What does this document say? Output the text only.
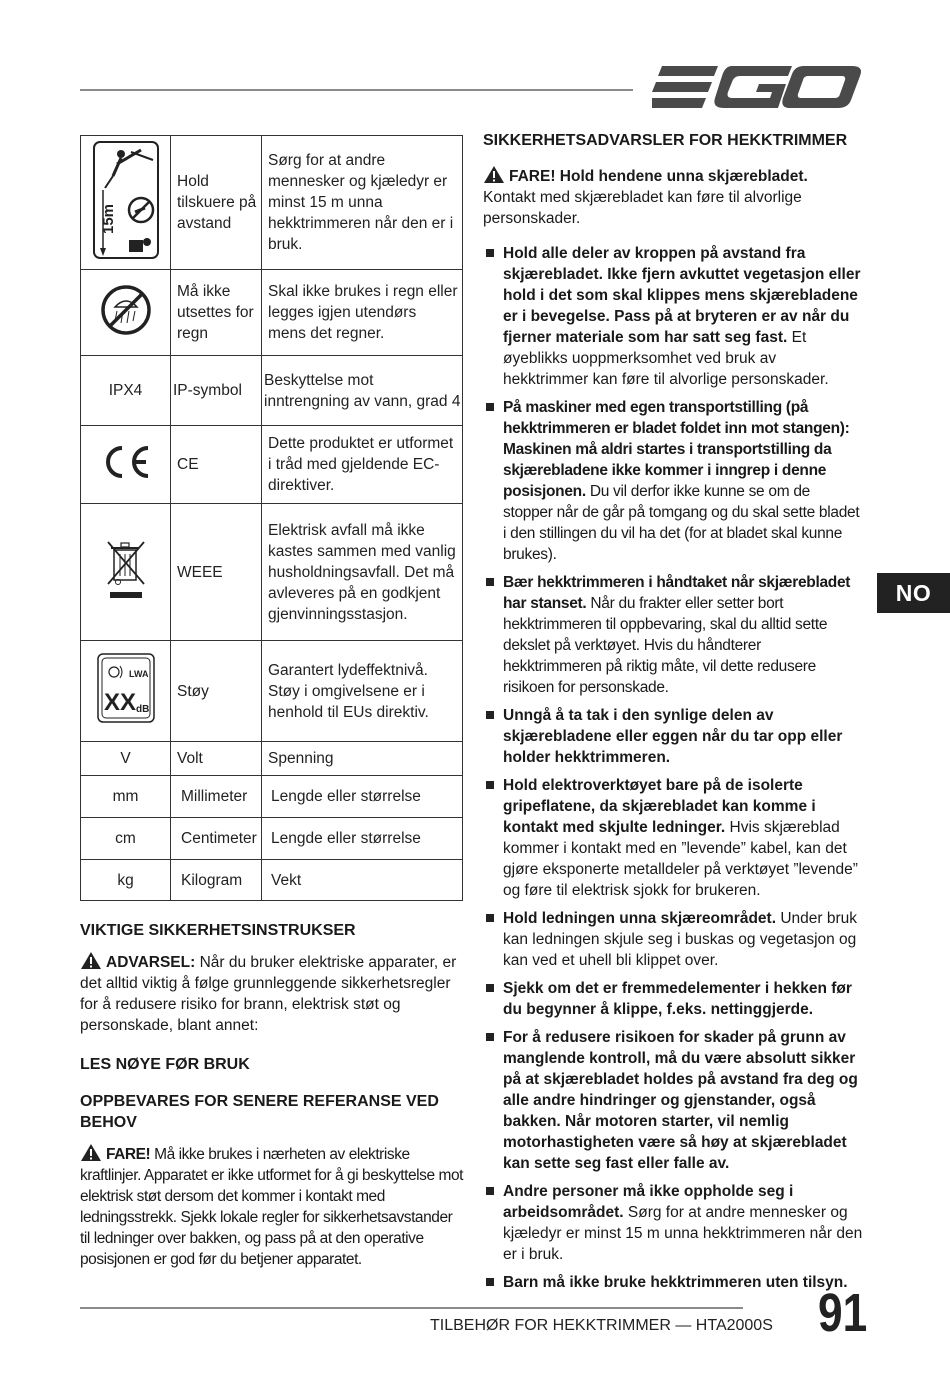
NO
15m	Hold tilskuere på avstand	Sørg for at andre mennesker og kjæledyr er minst 15 m unna hekktrimmeren når den er i bruk.
	Må ikke utsettes for regn	Skal ikke brukes i regn eller legges igjen utendørs mens det regner.
IPX4	IP-symbol	Beskyttelse mot inntrengning av vann, grad 4
	CE	Dette produktet er utformet i tråd med gjeldende EC-direktiver.
	WEEE	Elektrisk avfall må ikke kastes sammen med vanlig husholdningsavfall. Det må avleveres på en godkjent gjenvinningsstasjon.

LWA
XX dB	Støy	Garantert lydeffektnivå. Støy i omgivelsene er i henhold til EUs direktiv.
V	Volt	Spenning
mm	Millimeter	Lengde eller størrelse
cm	Centimeter	Lengde eller størrelse
kg	Kilogram	Vekt

VIKTIGE SIKKERHETSINSTRUKSER

ADVARSEL: Når du bruker elektriske apparater, er det alltid viktig å følge grunnleggende sikkerhetsregler for å redusere risiko for brann, elektrisk støt og personskade, blant annet:

LES NØYE FØR BRUK

OPPBEVARES FOR SENERE REFERANSE VED BEHOV

FARE! Må ikke brukes i nærheten av elektriske kraftlinjer. Apparatet er ikke utformet for å gi beskyttelse mot elektrisk støt dersom det kommer i kontakt med ledningsstrekk. Sjekk lokale regler for sikkerhetsavstander til ledninger over bakken, og pass på at den operative posisjonen er god før du betjener apparatet.

SIKKERHETSADVARSLER FOR HEKKTRIMMER

FARE! Hold hendene unna skjærebladet. Kontakt med skjærebladet kan føre til alvorlige personskader.

Hold alle deler av kroppen på avstand fra skjærebladet. Ikke fjern avkuttet vegetasjon eller hold i det som skal klippes mens skjærebladene er i bevegelse. Pass på at bryteren er av når du fjerner materiale som har satt seg fast. Et øyeblikks uoppmerksomhet ved bruk av hekktrimmer kan føre til alvorlige personskader.
På maskiner med egen transportstilling (på hekktrimmeren er bladet foldet inn mot stangen): Maskinen må aldri startes i transportstilling da skjærebladene ikke kommer i inngrep i denne posisjonen. Du vil derfor ikke kunne se om de stopper når de går på tomgang og du skal sette bladet i den stillingen du vil ha det (for at bladet skal kunne brukes).
Bær hekktrimmeren i håndtaket når skjærebladet har stanset. Når du frakter eller setter bort hekktrimmeren til oppbevaring, skal du alltid sette dekslet på verktøyet. Hvis du håndterer hekktrimmeren på riktig måte, vil dette redusere risikoen for personskade.
Unngå å ta tak i den synlige delen av skjærebladene eller eggen når du tar opp eller holder hekktrimmeren.
Hold elektroverktøyet bare på de isolerte gripeflatene, da skjærebladet kan komme i kontakt med skjulte ledninger. Hvis skjæreblad kommer i kontakt med en ”levende” kabel, kan det gjøre eksponerte metalldeler på verktøyet ”levende” og føre til elektrisk sjokk for brukeren.
Hold ledningen unna skjæreområdet. Under bruk kan ledningen skjule seg i buskas og vegetasjon og kan ved et uhell bli klippet over.
Sjekk om det er fremmedelementer i hekken før du begynner å klippe, f.eks. nettinggjerde.
For å redusere risikoen for skader på grunn av manglende kontroll, må du være absolutt sikker på at skjærebladet holdes på avstand fra deg og alle andre hindringer og gjenstander, også bakken. Når motoren starter, vil nemlig motorhastigheten være så høy at skjærebladet kan sette seg fast eller falle av.
Andre personer må ikke oppholde seg i arbeidsområdet. Sørg for at andre mennesker og kjæledyr er minst 15 m unna hekktrimmeren når den er i bruk.
Barn må ikke bruke hekktrimmeren uten tilsyn.
TILBEHØR FOR HEKKTRIMMER — HTA2000S 91
